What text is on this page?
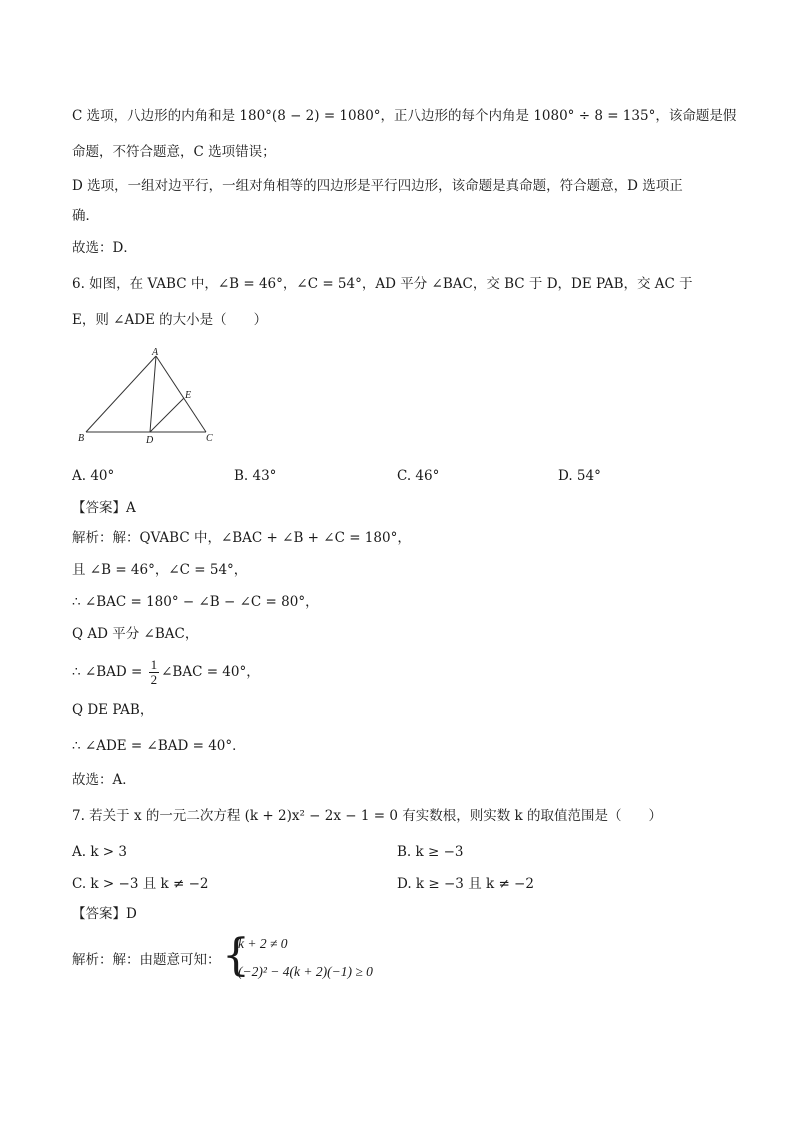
C 选项，八边形的内角和是 180°(8 − 2) = 1080°，正八边形的每个内角是 1080° ÷ 8 = 135°，该命题是假
命题，不符合题意，C 选项错误；
D 选项，一组对边平行，一组对角相等的四边形是平行四边形，该命题是真命题，符合题意，D 选项正
确．
故选：D．
6. 如图，在 VABC 中，∠B = 46°，∠C = 54°，AD 平分 ∠BAC，交 BC 于 D，DE PAB，交 AC 于
E，则 ∠ADE 的大小是（　　）
A
B	C
D
E
A. 40°	B. 43°	C. 46°	D. 54°
【答案】A
解析：解：QVABC 中，∠BAC + ∠B + ∠C = 180°，
且 ∠B = 46°，∠C = 54°，
∴ ∠BAC = 180° − ∠B − ∠C = 80°，
Q AD 平分 ∠BAC，
∴ ∠BAD = $\frac{1}{2}$ ∠BAC = 40°，
Q DE PAB，
∴ ∠ADE = ∠BAD = 40°．
故选：A．
7. 若关于 x 的一元二次方程 (k + 2)x² − 2x − 1 = 0 有实数根，则实数 k 的取值范围是（　　）
A. k > 3	B. k ≥ −3
C. k > −3 且 k ≠ −2	D. k ≥ −3 且 k ≠ −2
【答案】D
解析：解：由题意可知： {
k + 2 ≠ 0
(−2)² − 4(k + 2)(−1) ≥ 0
